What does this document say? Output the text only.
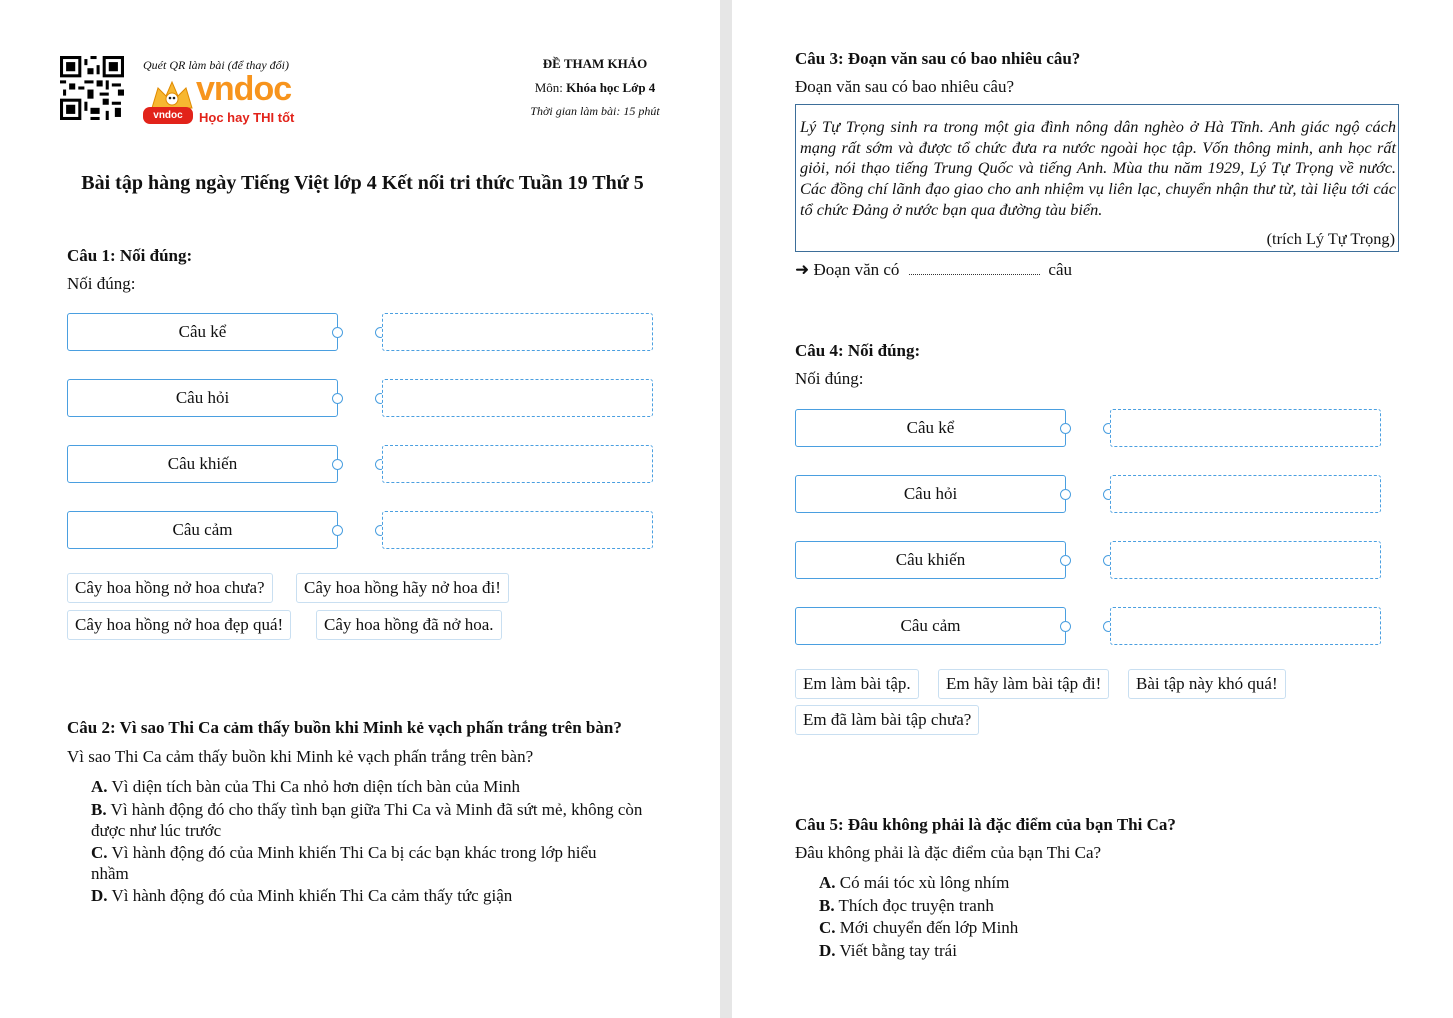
Quét QR làm bài (để thay đổi)
vndoc
vndoc	Học hay THI tốt
ĐỀ THAM KHẢO
Môn: Khóa học Lớp 4
Thời gian làm bài: 15 phút
Bài tập hàng ngày Tiếng Việt lớp 4 Kết nối tri thức Tuần 19 Thứ 5
Câu 1: Nối đúng:
Nối đúng:
Câu kể
Câu hỏi
Câu khiến
Câu cảm
Cây hoa hồng nở hoa chưa?	Cây hoa hồng hãy nở hoa đi!
Cây hoa hồng nở hoa đẹp quá!	Cây hoa hồng đã nở hoa.
Câu 2: Vì sao Thi Ca cảm thấy buồn khi Minh kẻ vạch phấn trắng trên bàn?
Vì sao Thi Ca cảm thấy buồn khi Minh kẻ vạch phấn trắng trên bàn?
A. Vì diện tích bàn của Thi Ca nhỏ hơn diện tích bàn của Minh
B. Vì hành động đó cho thấy tình bạn giữa Thi Ca và Minh đã sứt mẻ, không còn được như lúc trước
C. Vì hành động đó của Minh khiến Thi Ca bị các bạn khác trong lớp hiểu nhầm
D. Vì hành động đó của Minh khiến Thi Ca cảm thấy tức giận
Câu 3: Đoạn văn sau có bao nhiêu câu?
Đoạn văn sau có bao nhiêu câu?
Lý Tự Trọng sinh ra trong một gia đình nông dân nghèo ở Hà Tĩnh. Anh giác ngộ cách mạng rất sớm và được tổ chức đưa ra nước ngoài học tập. Vốn thông minh, anh học rất giỏi, nói thạo tiếng Trung Quốc và tiếng Anh. Mùa thu năm 1929, Lý Tự Trọng về nước. Các đồng chí lãnh đạo giao cho anh nhiệm vụ liên lạc, chuyển nhận thư từ, tài liệu tới các tổ chức Đảng ở nước bạn qua đường tàu biển.
(trích Lý Tự Trọng)
➜ Đoạn văn có	câu
Câu 4: Nối đúng:
Nối đúng:
Câu kể
Câu hỏi
Câu khiến
Câu cảm
Em làm bài tập.	Em hãy làm bài tập đi!	Bài tập này khó quá!
Em đã làm bài tập chưa?
Câu 5: Đâu không phải là đặc điểm của bạn Thi Ca?
Đâu không phải là đặc điểm của bạn Thi Ca?
A. Có mái tóc xù lông nhím
B. Thích đọc truyện tranh
C. Mới chuyển đến lớp Minh
D. Viết bằng tay trái
